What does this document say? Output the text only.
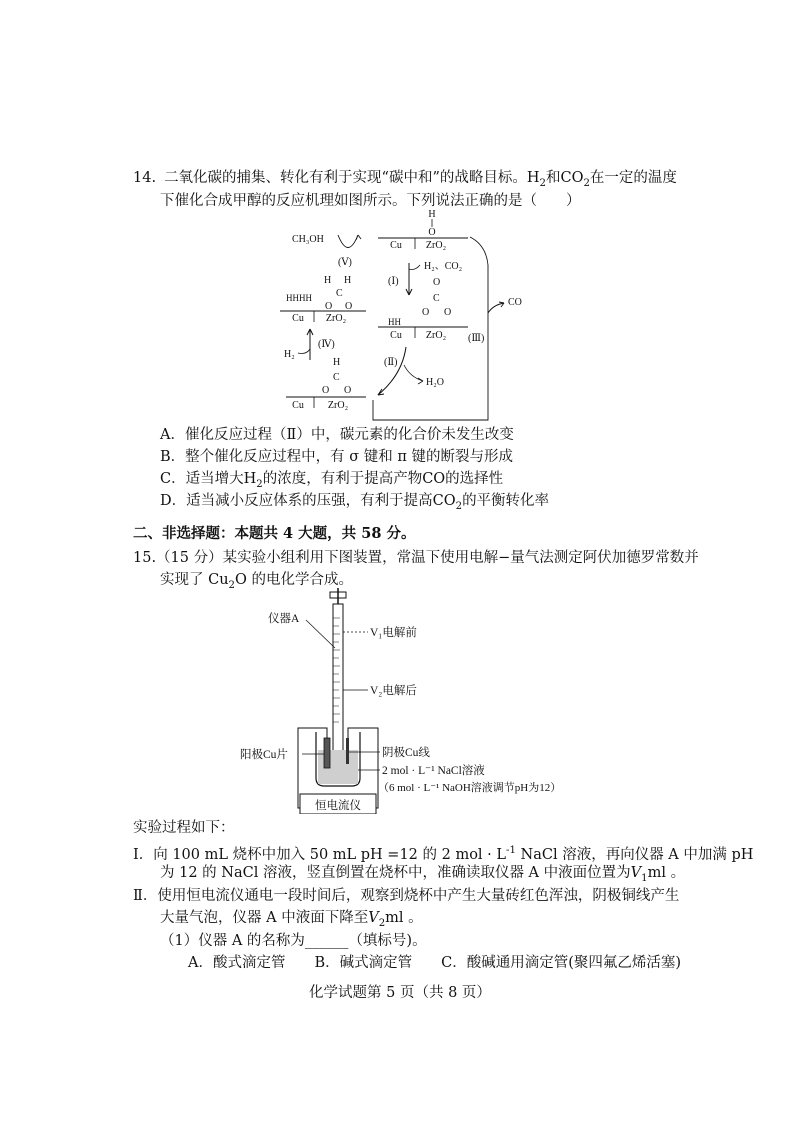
14. 二氧化碳的捕集、转化有利于实现“碳中和”的战略目标。$H_2$和$CO_2$在一定的温度
下催化合成甲醇的反应机理如图所示。下列说法正确的是（　　）
H
O
Cu ZrO₂
CH₃OH
(Ⅴ)
(Ⅰ)
H₂、CO₂
CO
(Ⅲ)
H H
C
O O
HHHH
Cu ZrO₂
H₂
(Ⅳ)
O
C
O O
HH
Cu ZrO₂
(Ⅱ)
H₂O
H
C
O O
Cu ZrO₂
A．催化反应过程（Ⅱ）中，碳元素的化合价未发生改变
B．整个催化反应过程中，有 σ 键和 π 键的断裂与形成
C．适当增大$H_2$的浓度，有利于提高产物CO的选择性
D．适当减小反应体系的压强，有利于提高$CO_2$的平衡转化率
二、非选择题：本题共 4 大题，共 58 分。
15.（15 分）某实验小组利用下图装置，常温下使用电解−量气法测定阿伏加德罗常数并
实现了 $Cu_2O$ 的电化学合成。
仪器A
V₁电解前
V₂电解后
阳极Cu片	阴极Cu线
2 mol · L⁻¹ NaCl溶液
（6 mol · L⁻¹ NaOH溶液调节pH为12）
恒电流仪
实验过程如下：
Ⅰ．向 100 mL 烧杯中加入 50 mL pH =12 的 2 mol · $L^{-1}$ NaCl 溶液，再向仪器 A 中加满 pH
为 12 的 NaCl 溶液，竖直倒置在烧杯中，准确读取仪器 A 中液面位置为$V_1ml$ 。
Ⅱ．使用恒电流仪通电一段时间后，观察到烧杯中产生大量砖红色浑浊，阴极铜线产生
大量气泡，仪器 A 中液面下降至$V_2ml$ 。
（1）仪器 A 的名称为______（填标号)。
A．酸式滴定管　　B．碱式滴定管　　C．酸碱通用滴定管(聚四氟乙烯活塞)
化学试题第 5 页（共 8 页）
